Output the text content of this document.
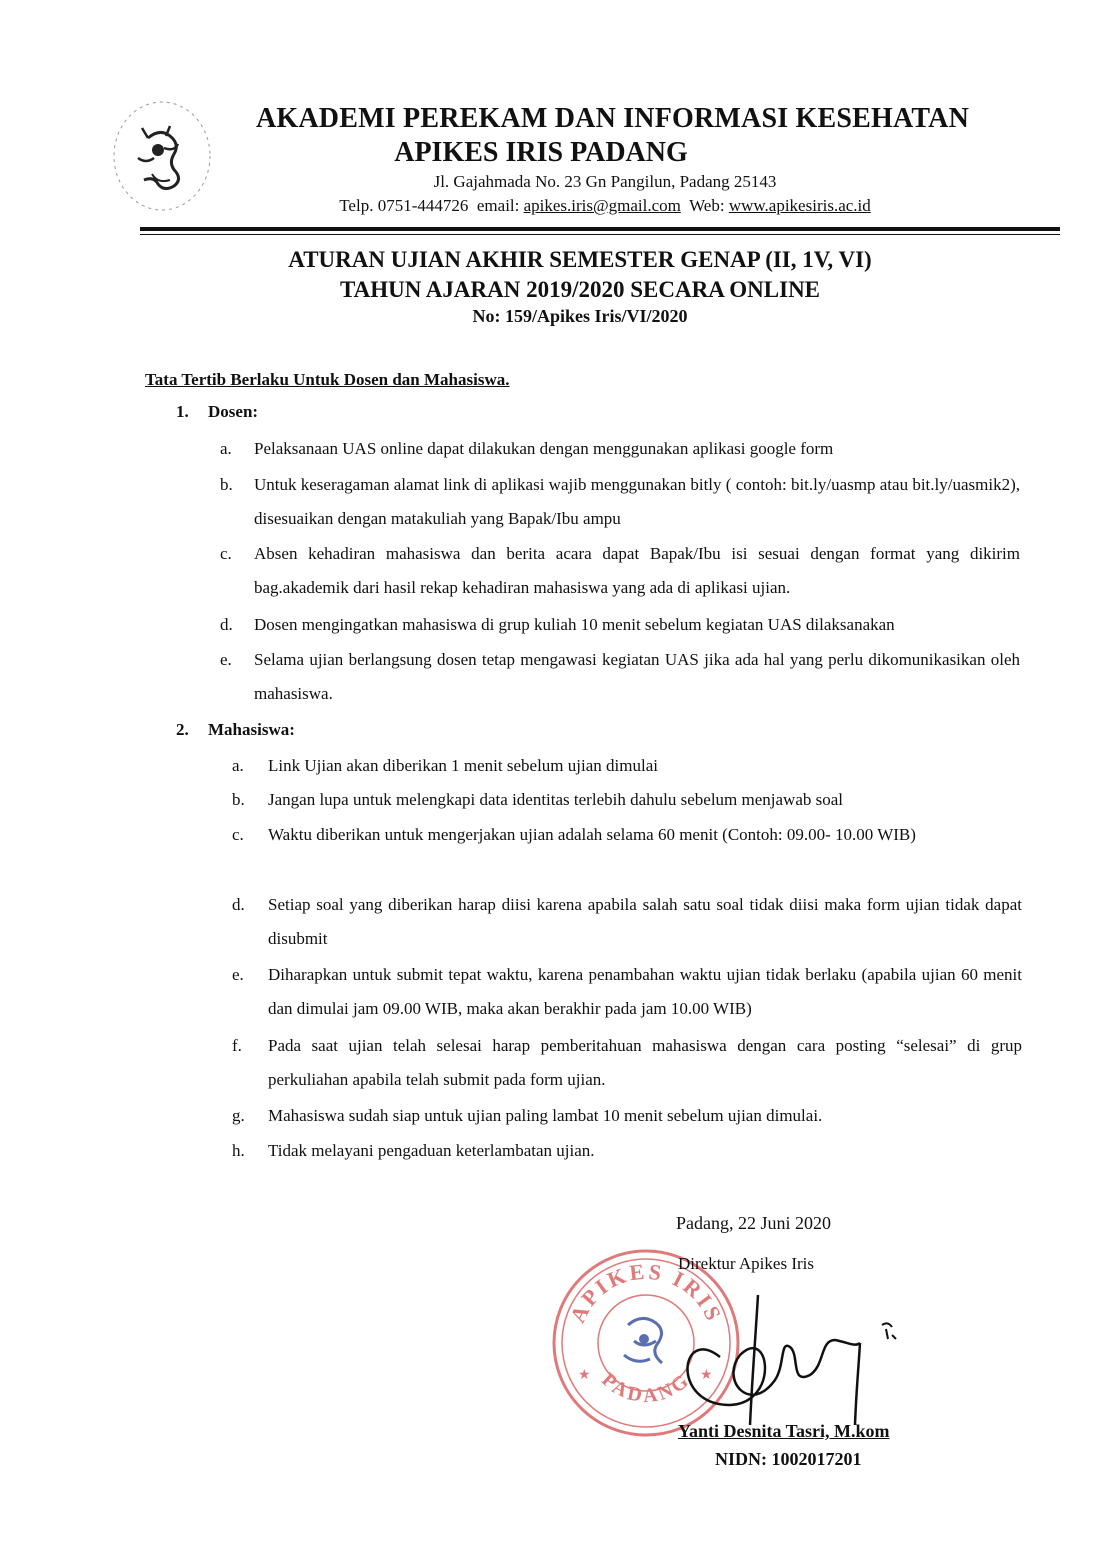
AKADEMI PEREKAM DAN INFORMASI KESEHATAN
APIKES IRIS PADANG
Jl. Gajahmada No. 23 Gn Pangilun, Padang 25143
Telp. 0751-444726 email: apikes.iris@gmail.com Web: www.apikesiris.ac.id
ATURAN UJIAN AKHIR SEMESTER GENAP (II, 1V, VI)
TAHUN AJARAN 2019/2020 SECARA ONLINE
No: 159/Apikes Iris/VI/2020
Tata Tertib Berlaku Untuk Dosen dan Mahasiswa.
1. Dosen:
a. Pelaksanaan UAS online dapat dilakukan dengan menggunakan aplikasi google form
b. Untuk keseragaman alamat link di aplikasi wajib menggunakan bitly ( contoh: bit.ly/uasmp atau bit.ly/uasmik2), disesuaikan dengan matakuliah yang Bapak/Ibu ampu
c. Absen kehadiran mahasiswa dan berita acara dapat Bapak/Ibu isi sesuai dengan format yang dikirim bag.akademik dari hasil rekap kehadiran mahasiswa yang ada di aplikasi ujian.
d. Dosen mengingatkan mahasiswa di grup kuliah 10 menit sebelum kegiatan UAS dilaksanakan
e. Selama ujian berlangsung dosen tetap mengawasi kegiatan UAS jika ada hal yang perlu dikomunikasikan oleh mahasiswa.
2. Mahasiswa:
a. Link Ujian akan diberikan 1 menit sebelum ujian dimulai
b. Jangan lupa untuk melengkapi data identitas terlebih dahulu sebelum menjawab soal
c. Waktu diberikan untuk mengerjakan ujian adalah selama 60 menit (Contoh: 09.00- 10.00 WIB)
d. Setiap soal yang diberikan harap diisi karena apabila salah satu soal tidak diisi maka form ujian tidak dapat disubmit
e. Diharapkan untuk submit tepat waktu, karena penambahan waktu ujian tidak berlaku (apabila ujian 60 menit dan dimulai jam 09.00 WIB, maka akan berakhir pada jam 10.00 WIB)
f. Pada saat ujian telah selesai harap pemberitahuan mahasiswa dengan cara posting “selesai” di grup perkuliahan apabila telah submit pada form ujian.
g. Mahasiswa sudah siap untuk ujian paling lambat 10 menit sebelum ujian dimulai.
h. Tidak melayani pengaduan keterlambatan ujian.
Padang, 22 Juni 2020
APIKES IRIS
PADANG
★	★
Direktur Apikes Iris
Yanti Desnita Tasri, M.kom
NIDN: 1002017201
